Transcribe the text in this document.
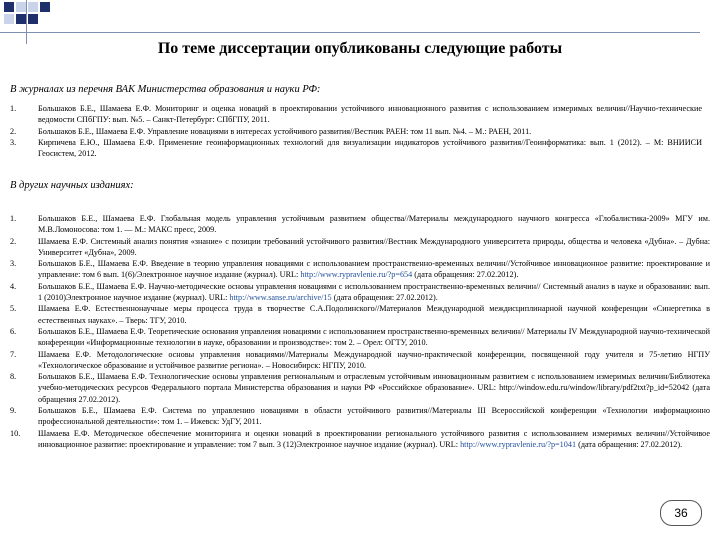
По теме диссертации опубликованы следующие работы
В журналах из перечня ВАК Министерства образования и науки РФ:
1.	Большаков Б.Е., Шамаева Е.Ф. Мониторинг и оценка новаций в проектировании устойчивого инновационного развития с использованием измеримых величин//Научно-технические ведомости СПбГПУ: вып. №5. – Санкт-Петербург: СПбГПУ, 2011.
2.	Большаков Б.Е., Шамаева Е.Ф. Управление новациями в интересах устойчивого развития//Вестник РАЕН: том 11 вып. №4. – М.: РАЕН, 2011.
3.	Кирпичева Е.Ю., Шамаева Е.Ф. Применение геоинформационных технологий для визуализации индикаторов устойчивого развития//Геоинформатика: вып. 1 (2012). – М: ВНИИСИ Геосистем, 2012.
В других научных изданиях:
1.	Большаков Б.Е., Шамаева Е.Ф. Глобальная модель управления устойчивым развитием общества//Материалы международного научного конгресса «Глобалистика-2009» МГУ им. М.В.Ломоносова: том 1. — М.: МАКС пресс, 2009.
2.	Шамаева Е.Ф. Системный анализ понятия «знание» с позиции требований устойчивого развития//Вестник Международного университета природы, общества и человека «Дубна». – Дубна: Университет «Дубна», 2009.
3.	Большаков Б.Е., Шамаева Е.Ф. Введение в теорию управления новациями с использованием пространственно-временных величин//Устойчивое инновационное развитие: проектирование и управление: том 6 вып. 1(6)/Электронное научное издание (журнал). URL: http://www.rypravlenie.ru/?p=654 (дата обращения: 27.02.2012).
4.	Большаков Б.Е., Шамаева Е.Ф. Научно-методические основы управления новациями с использованием пространственно-временных величин// Системный анализ в науке и образовании: вып. 1 (2010)Электронное научное издание (журнал). URL: http://www.sanse.ru/archive/15 (дата обращения: 27.02.2012).
5.	Шамаева Е.Ф. Естественнонаучные меры процесса труда в творчестве С.А.Подолинского//Материалов Международной междисциплинарной научной конференции «Синергетика в естественных науках». – Тверь: ТГУ, 2010.
6.	Большаков Б.Е., Шамаева Е.Ф. Теоретические основания управления новациями с использованием пространственно-временных величин// Материалы IV Международной научно-технической конференции «Информационные технологии в науке, образовании и производстве»: том 2. – Орел: ОГТУ, 2010.
7.	Шамаева Е.Ф. Методологические основы управления новациями//Материалы Международной научно-практической конференции, посвященной году учителя и 75-летию НГПУ «Технологическое образование и устойчивое развитие региона». – Новосибирск: НГПУ, 2010.
8.	Большаков Б.Е., Шамаева Е.Ф. Технологические основы управления региональным и отраслевым устойчивым инновационным развитием с использованием измеримых величин/Библиотека учебно-методических ресурсов Федерального портала Министерства образования и науки РФ «Российское образование». URL: http://window.edu.ru/window/library/pdf2txt?p_id=52042 (дата обращения 27.02.2012).
9.	Большаков Б.Е., Шамаева Е.Ф. Система по управлению новациями в области устойчивого развития//Материалы III Всероссийской конференции «Технологии информационно профессиональной деятельности»: том 1. – Ижевск: УдГУ, 2011.
10. Шамаева Е.Ф. Методическое обеспечение мониторинга и оценки новаций в проектировании регионального устойчивого развития с использованием измеримых величин//Устойчивое инновационное развитие: проектирование и управление: том 7 вып. 3 (12)Электронное научное издание (журнал). URL: http://www.rypravlenie.ru/?p=1041 (дата обращения: 27.02.2012).
36
